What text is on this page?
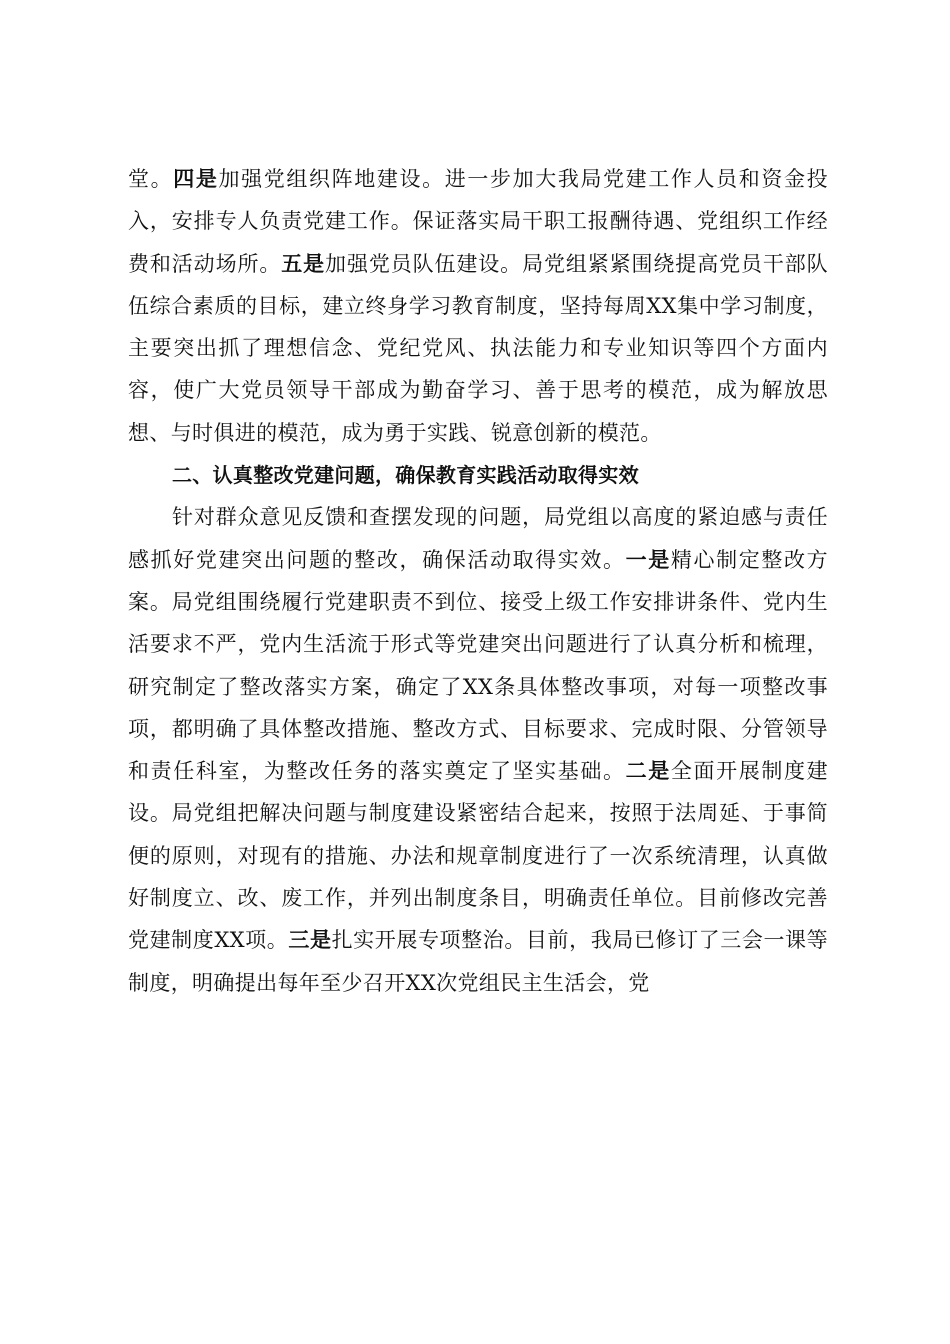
堂。四是加强党组织阵地建设。进一步加大我局党建工作人员和资金投入，安排专人负责党建工作。保证落实局干职工报酬待遇、党组织工作经费和活动场所。五是加强党员队伍建设。局党组紧紧围绕提高党员干部队伍综合素质的目标，建立终身学习教育制度，坚持每周XX集中学习制度，主要突出抓了理想信念、党纪党风、执法能力和专业知识等四个方面内容，使广大党员领导干部成为勤奋学习、善于思考的模范，成为解放思想、与时俱进的模范，成为勇于实践、锐意创新的模范。

二、认真整改党建问题，确保教育实践活动取得实效

针对群众意见反馈和查摆发现的问题，局党组以高度的紧迫感与责任感抓好党建突出问题的整改，确保活动取得实效。一是精心制定整改方案。局党组围绕履行党建职责不到位、接受上级工作安排讲条件、党内生活要求不严，党内生活流于形式等党建突出问题进行了认真分析和梳理，研究制定了整改落实方案，确定了XX条具体整改事项，对每一项整改事项，都明确了具体整改措施、整改方式、目标要求、完成时限、分管领导和责任科室，为整改任务的落实奠定了坚实基础。二是全面开展制度建设。局党组把解决问题与制度建设紧密结合起来，按照于法周延、于事简便的原则，对现有的措施、办法和规章制度进行了一次系统清理，认真做好制度立、改、废工作，并列出制度条目，明确责任单位。目前修改完善党建制度XX项。三是扎实开展专项整治。目前，我局已修订了三会一课等制度，明确提出每年至少召开XX次党组民主生活会，党
